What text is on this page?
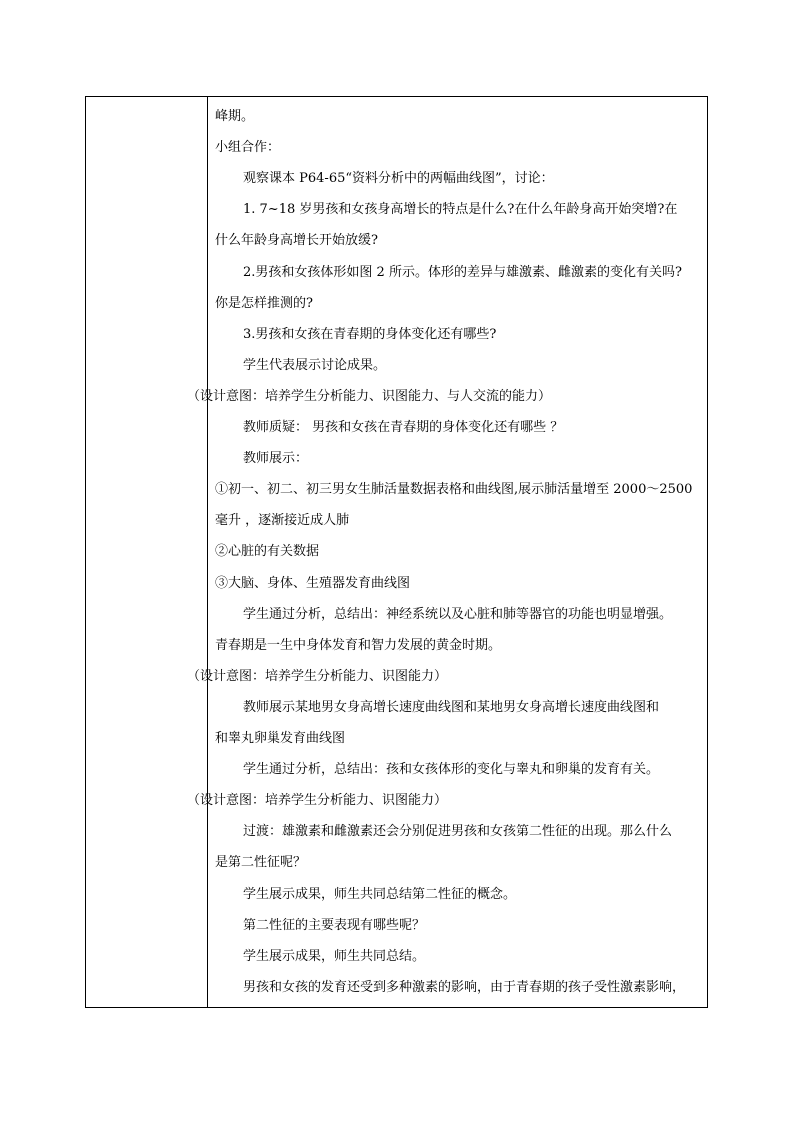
峰期。
小组合作：
观察课本 P64-65“资料分析中的两幅曲线图”，讨论：
1. 7~18 岁男孩和女孩身高增长的特点是什么?在什么年龄身高开始突增?在
什么年龄身高增长开始放缓?
2.男孩和女孩体形如图 2 所示。体形的差异与雄激素、雌激素的变化有关吗?
你是怎样推测的?
3.男孩和女孩在青春期的身体变化还有哪些?
学生代表展示讨论成果。
（设计意图：培养学生分析能力、识图能力、与人交流的能力）
教师质疑： 男孩和女孩在青春期的身体变化还有哪些 ？
教师展示：
①初一、初二、初三男女生肺活量数据表格和曲线图,展示肺活量增至 2000～2500
毫升 ，逐渐接近成人肺
②心脏的有关数据
③大脑、身体、生殖器发育曲线图
学生通过分析，总结出：神经系统以及心脏和肺等器官的功能也明显增强。
青春期是一生中身体发育和智力发展的黄金时期。
（设计意图：培养学生分析能力、识图能力）
教师展示某地男女身高增长速度曲线图和某地男女身高增长速度曲线图和
和睾丸卵巢发育曲线图
学生通过分析，总结出：孩和女孩体形的变化与睾丸和卵巢的发育有关。
（设计意图：培养学生分析能力、识图能力）
过渡：雄激素和雌激素还会分别促进男孩和女孩第二性征的出现。那么什么
是第二性征呢？
学生展示成果，师生共同总结第二性征的概念。
第二性征的主要表现有哪些呢？
学生展示成果，师生共同总结。
男孩和女孩的发育还受到多种激素的影响，由于青春期的孩子受性激素影响，
